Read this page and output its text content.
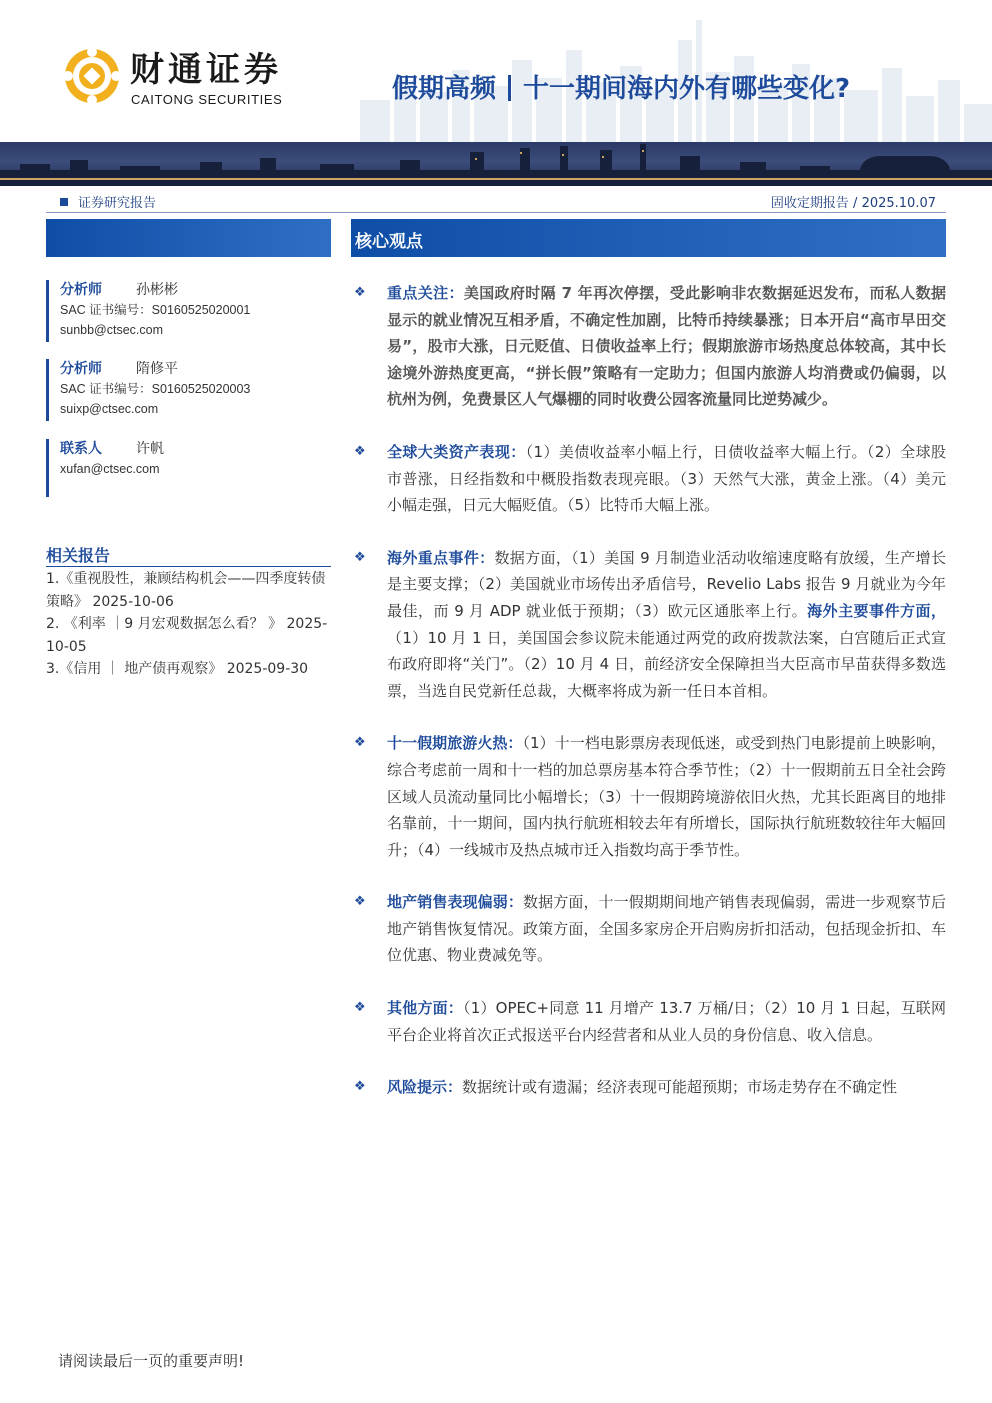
财通证券
CAITONG SECURITIES	假期高频 十一期间海内外有哪些变化?
证券研究报告	固收定期报告 / 2025.10.07
分析师	孙彬彬
SAC 证书编号：S0160525020001
sunbb@ctsec.com
分析师	隋修平
SAC 证书编号：S0160525020003
suixp@ctsec.com
联系人	许帆
xufan@ctsec.com
相关报告
1.《重视股性，兼顾结构机会——四季度转债策略》 2025-10-06
2. 《利率 ｜9 月宏观数据怎么看？ 》 2025-10-05
3.《信用 ｜ 地产债再观察》 2025-09-30
核心观点
❖ 重点关注：美国政府时隔 7 年再次停摆，受此影响非农数据延迟发布，而私人数据显示的就业情况互相矛盾，不确定性加剧，比特币持续暴涨；日本开启“高市早田交易”，股市大涨，日元贬值、日债收益率上行；假期旅游市场热度总体较高，其中长途境外游热度更高，“拼长假”策略有一定助力；但国内旅游人均消费或仍偏弱，以杭州为例，免费景区人气爆棚的同时收费公园客流量同比逆势减少。
❖ 全球大类资产表现：（1）美债收益率小幅上行，日债收益率大幅上行。（2）全球股市普涨，日经指数和中概股指数表现亮眼。（3）天然气大涨，黄金上涨。（4）美元小幅走强，日元大幅贬值。（5）比特币大幅上涨。
❖ 海外重点事件：数据方面，（1）美国 9 月制造业活动收缩速度略有放缓，生产增长是主要支撑；（2）美国就业市场传出矛盾信号，Revelio Labs 报告 9 月就业为今年最佳，而 9 月 ADP 就业低于预期；（3）欧元区通胀率上行。海外主要事件方面，（1）10 月 1 日，美国国会参议院未能通过两党的政府拨款法案，白宫随后正式宣布政府即将“关门”。（2）10 月 4 日，前经济安全保障担当大臣高市早苗获得多数选票，当选自民党新任总裁，大概率将成为新一任日本首相。
❖ 十一假期旅游火热：（1）十一档电影票房表现低迷，或受到热门电影提前上映影响，综合考虑前一周和十一档的加总票房基本符合季节性；（2）十一假期前五日全社会跨区域人员流动量同比小幅增长；（3）十一假期跨境游依旧火热，尤其长距离目的地排名靠前，十一期间，国内执行航班相较去年有所增长，国际执行航班数较往年大幅回升；（4）一线城市及热点城市迁入指数均高于季节性。
❖ 地产销售表现偏弱：数据方面，十一假期期间地产销售表现偏弱，需进一步观察节后地产销售恢复情况。政策方面，全国多家房企开启购房折扣活动，包括现金折扣、车位优惠、物业费减免等。
❖ 其他方面：（1）OPEC+同意 11 月增产 13.7 万桶/日；（2）10 月 1 日起，互联网平台企业将首次正式报送平台内经营者和从业人员的身份信息、收入信息。
❖ 风险提示：数据统计或有遗漏；经济表现可能超预期；市场走势存在不确定性
请阅读最后一页的重要声明!
